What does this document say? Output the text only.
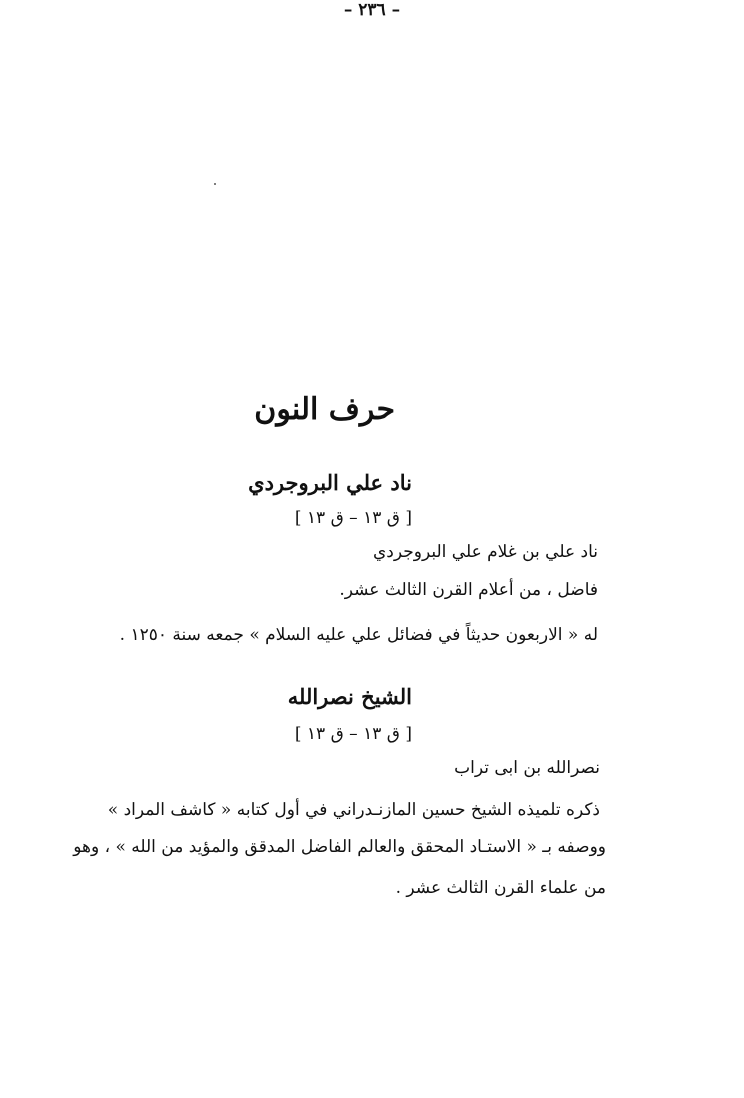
حرف النون
ناد علي البروجردي
[ ق ١٣ – ق ١٣ ]
ناد علي بن غلام علي البروجردي
فاضل ، من أعلام القرن الثالث عشر.
له « الاربعون حديثاً في فضائل علي عليه السلام » جمعه سنة ١٢٥٠ .
الشيخ نصرالله
[ ق ١٣ – ق ١٣ ]
نصرالله بن ابى تراب
ذكره تلميذه الشيخ حسين المازنـدراني في أول كتابه « كاشف المراد »
ووصفه بـ « الاستـاد المحقق والعالم الفاضل المدقق والمؤيد من الله » ، وهو
من علماء القرن الثالث عشر .
– ٢٣٦ –
